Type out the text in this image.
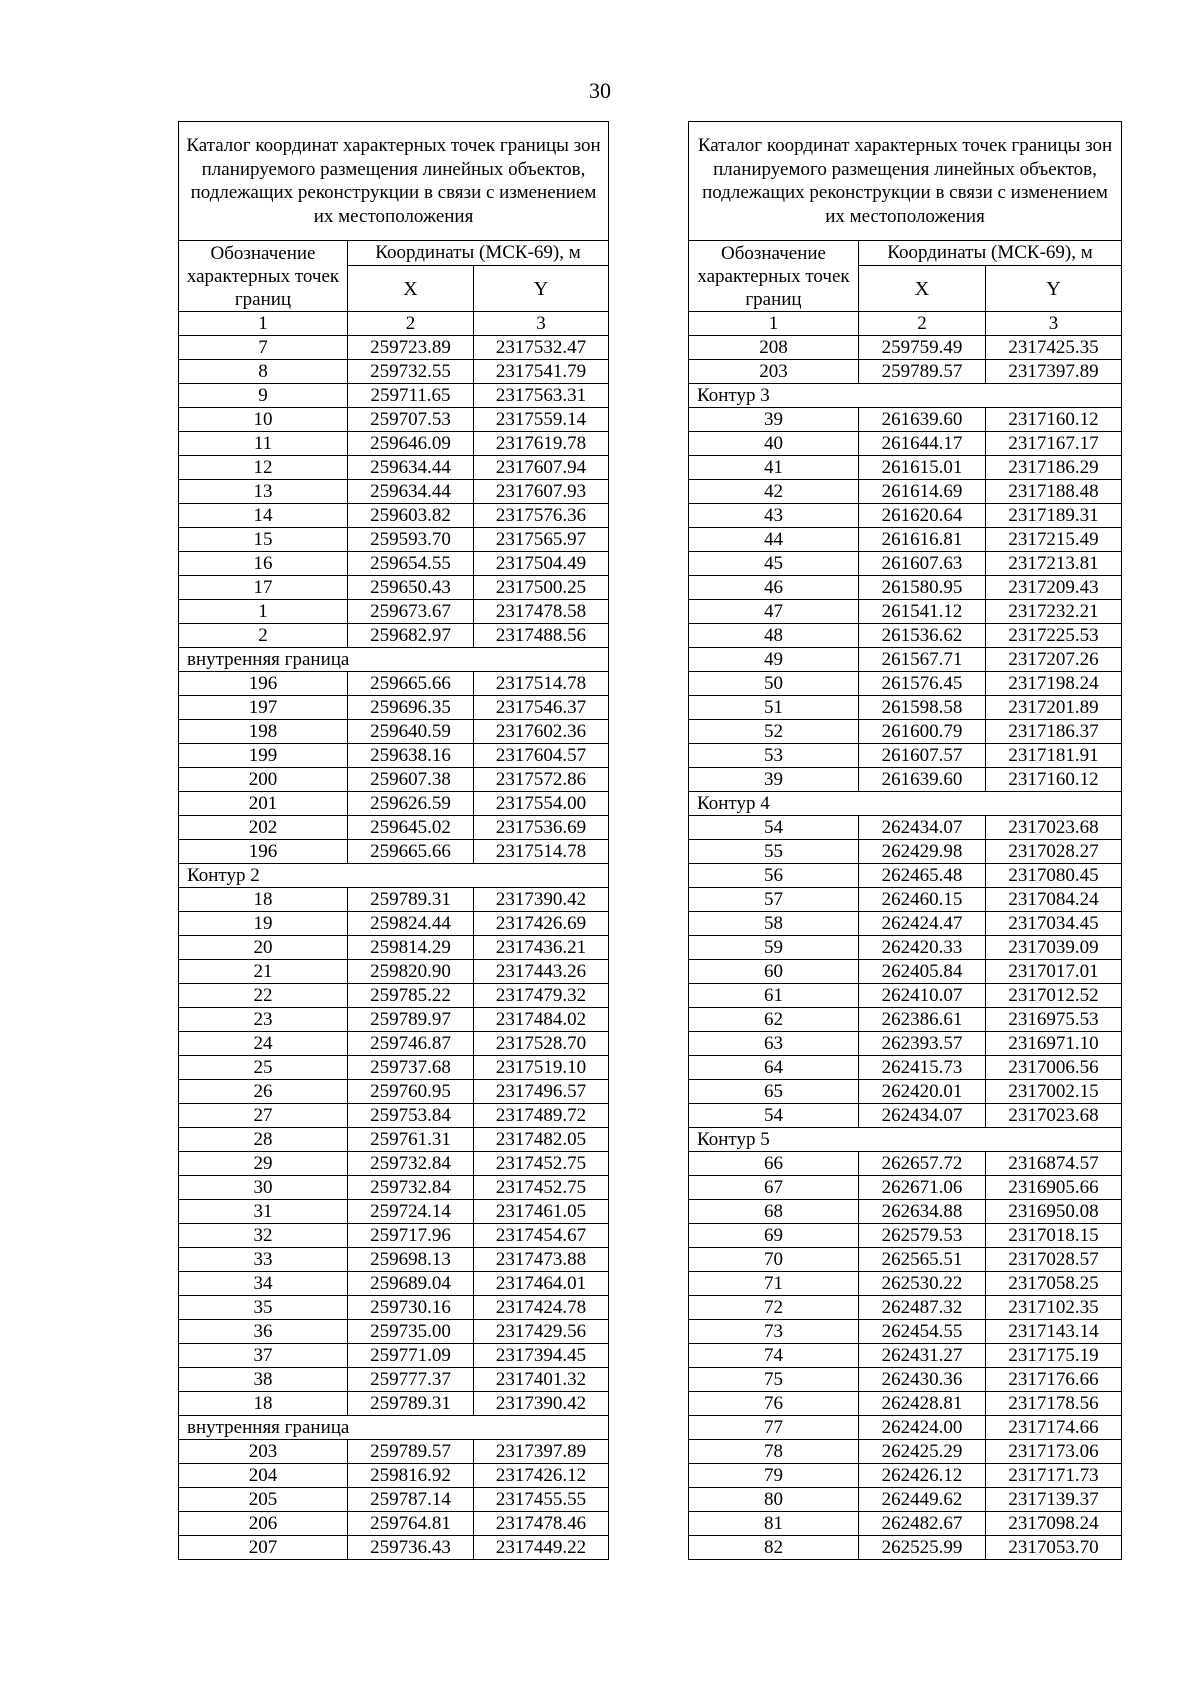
30
Каталог координат характерных точек границы зон планируемого размещения линейных объектов, подлежащих реконструкции в связи с изменением их местоположения		
Обозначение характерных точек границ	Координаты (МСК-69), м	
	X	Y
1	2	3
7	259723.89	2317532.47
8	259732.55	2317541.79
9	259711.65	2317563.31
10	259707.53	2317559.14
11	259646.09	2317619.78
12	259634.44	2317607.94
13	259634.44	2317607.93
14	259603.82	2317576.36
15	259593.70	2317565.97
16	259654.55	2317504.49
17	259650.43	2317500.25
1	259673.67	2317478.58
2	259682.97	2317488.56
внутренняя граница		
196	259665.66	2317514.78
197	259696.35	2317546.37
198	259640.59	2317602.36
199	259638.16	2317604.57
200	259607.38	2317572.86
201	259626.59	2317554.00
202	259645.02	2317536.69
196	259665.66	2317514.78
Контур 2		
18	259789.31	2317390.42
19	259824.44	2317426.69
20	259814.29	2317436.21
21	259820.90	2317443.26
22	259785.22	2317479.32
23	259789.97	2317484.02
24	259746.87	2317528.70
25	259737.68	2317519.10
26	259760.95	2317496.57
27	259753.84	2317489.72
28	259761.31	2317482.05
29	259732.84	2317452.75
30	259732.84	2317452.75
31	259724.14	2317461.05
32	259717.96	2317454.67
33	259698.13	2317473.88
34	259689.04	2317464.01
35	259730.16	2317424.78
36	259735.00	2317429.56
37	259771.09	2317394.45
38	259777.37	2317401.32
18	259789.31	2317390.42
внутренняя граница		
203	259789.57	2317397.89
204	259816.92	2317426.12
205	259787.14	2317455.55
206	259764.81	2317478.46
207	259736.43	2317449.22
Каталог координат характерных точек границы зон планируемого размещения линейных объектов, подлежащих реконструкции в связи с изменением их местоположения		
Обозначение характерных точек границ	Координаты (МСК-69), м	
	X	Y
1	2	3
208	259759.49	2317425.35
203	259789.57	2317397.89
Контур 3		
39	261639.60	2317160.12
40	261644.17	2317167.17
41	261615.01	2317186.29
42	261614.69	2317188.48
43	261620.64	2317189.31
44	261616.81	2317215.49
45	261607.63	2317213.81
46	261580.95	2317209.43
47	261541.12	2317232.21
48	261536.62	2317225.53
49	261567.71	2317207.26
50	261576.45	2317198.24
51	261598.58	2317201.89
52	261600.79	2317186.37
53	261607.57	2317181.91
39	261639.60	2317160.12
Контур 4		
54	262434.07	2317023.68
55	262429.98	2317028.27
56	262465.48	2317080.45
57	262460.15	2317084.24
58	262424.47	2317034.45
59	262420.33	2317039.09
60	262405.84	2317017.01
61	262410.07	2317012.52
62	262386.61	2316975.53
63	262393.57	2316971.10
64	262415.73	2317006.56
65	262420.01	2317002.15
54	262434.07	2317023.68
Контур 5		
66	262657.72	2316874.57
67	262671.06	2316905.66
68	262634.88	2316950.08
69	262579.53	2317018.15
70	262565.51	2317028.57
71	262530.22	2317058.25
72	262487.32	2317102.35
73	262454.55	2317143.14
74	262431.27	2317175.19
75	262430.36	2317176.66
76	262428.81	2317178.56
77	262424.00	2317174.66
78	262425.29	2317173.06
79	262426.12	2317171.73
80	262449.62	2317139.37
81	262482.67	2317098.24
82	262525.99	2317053.70
